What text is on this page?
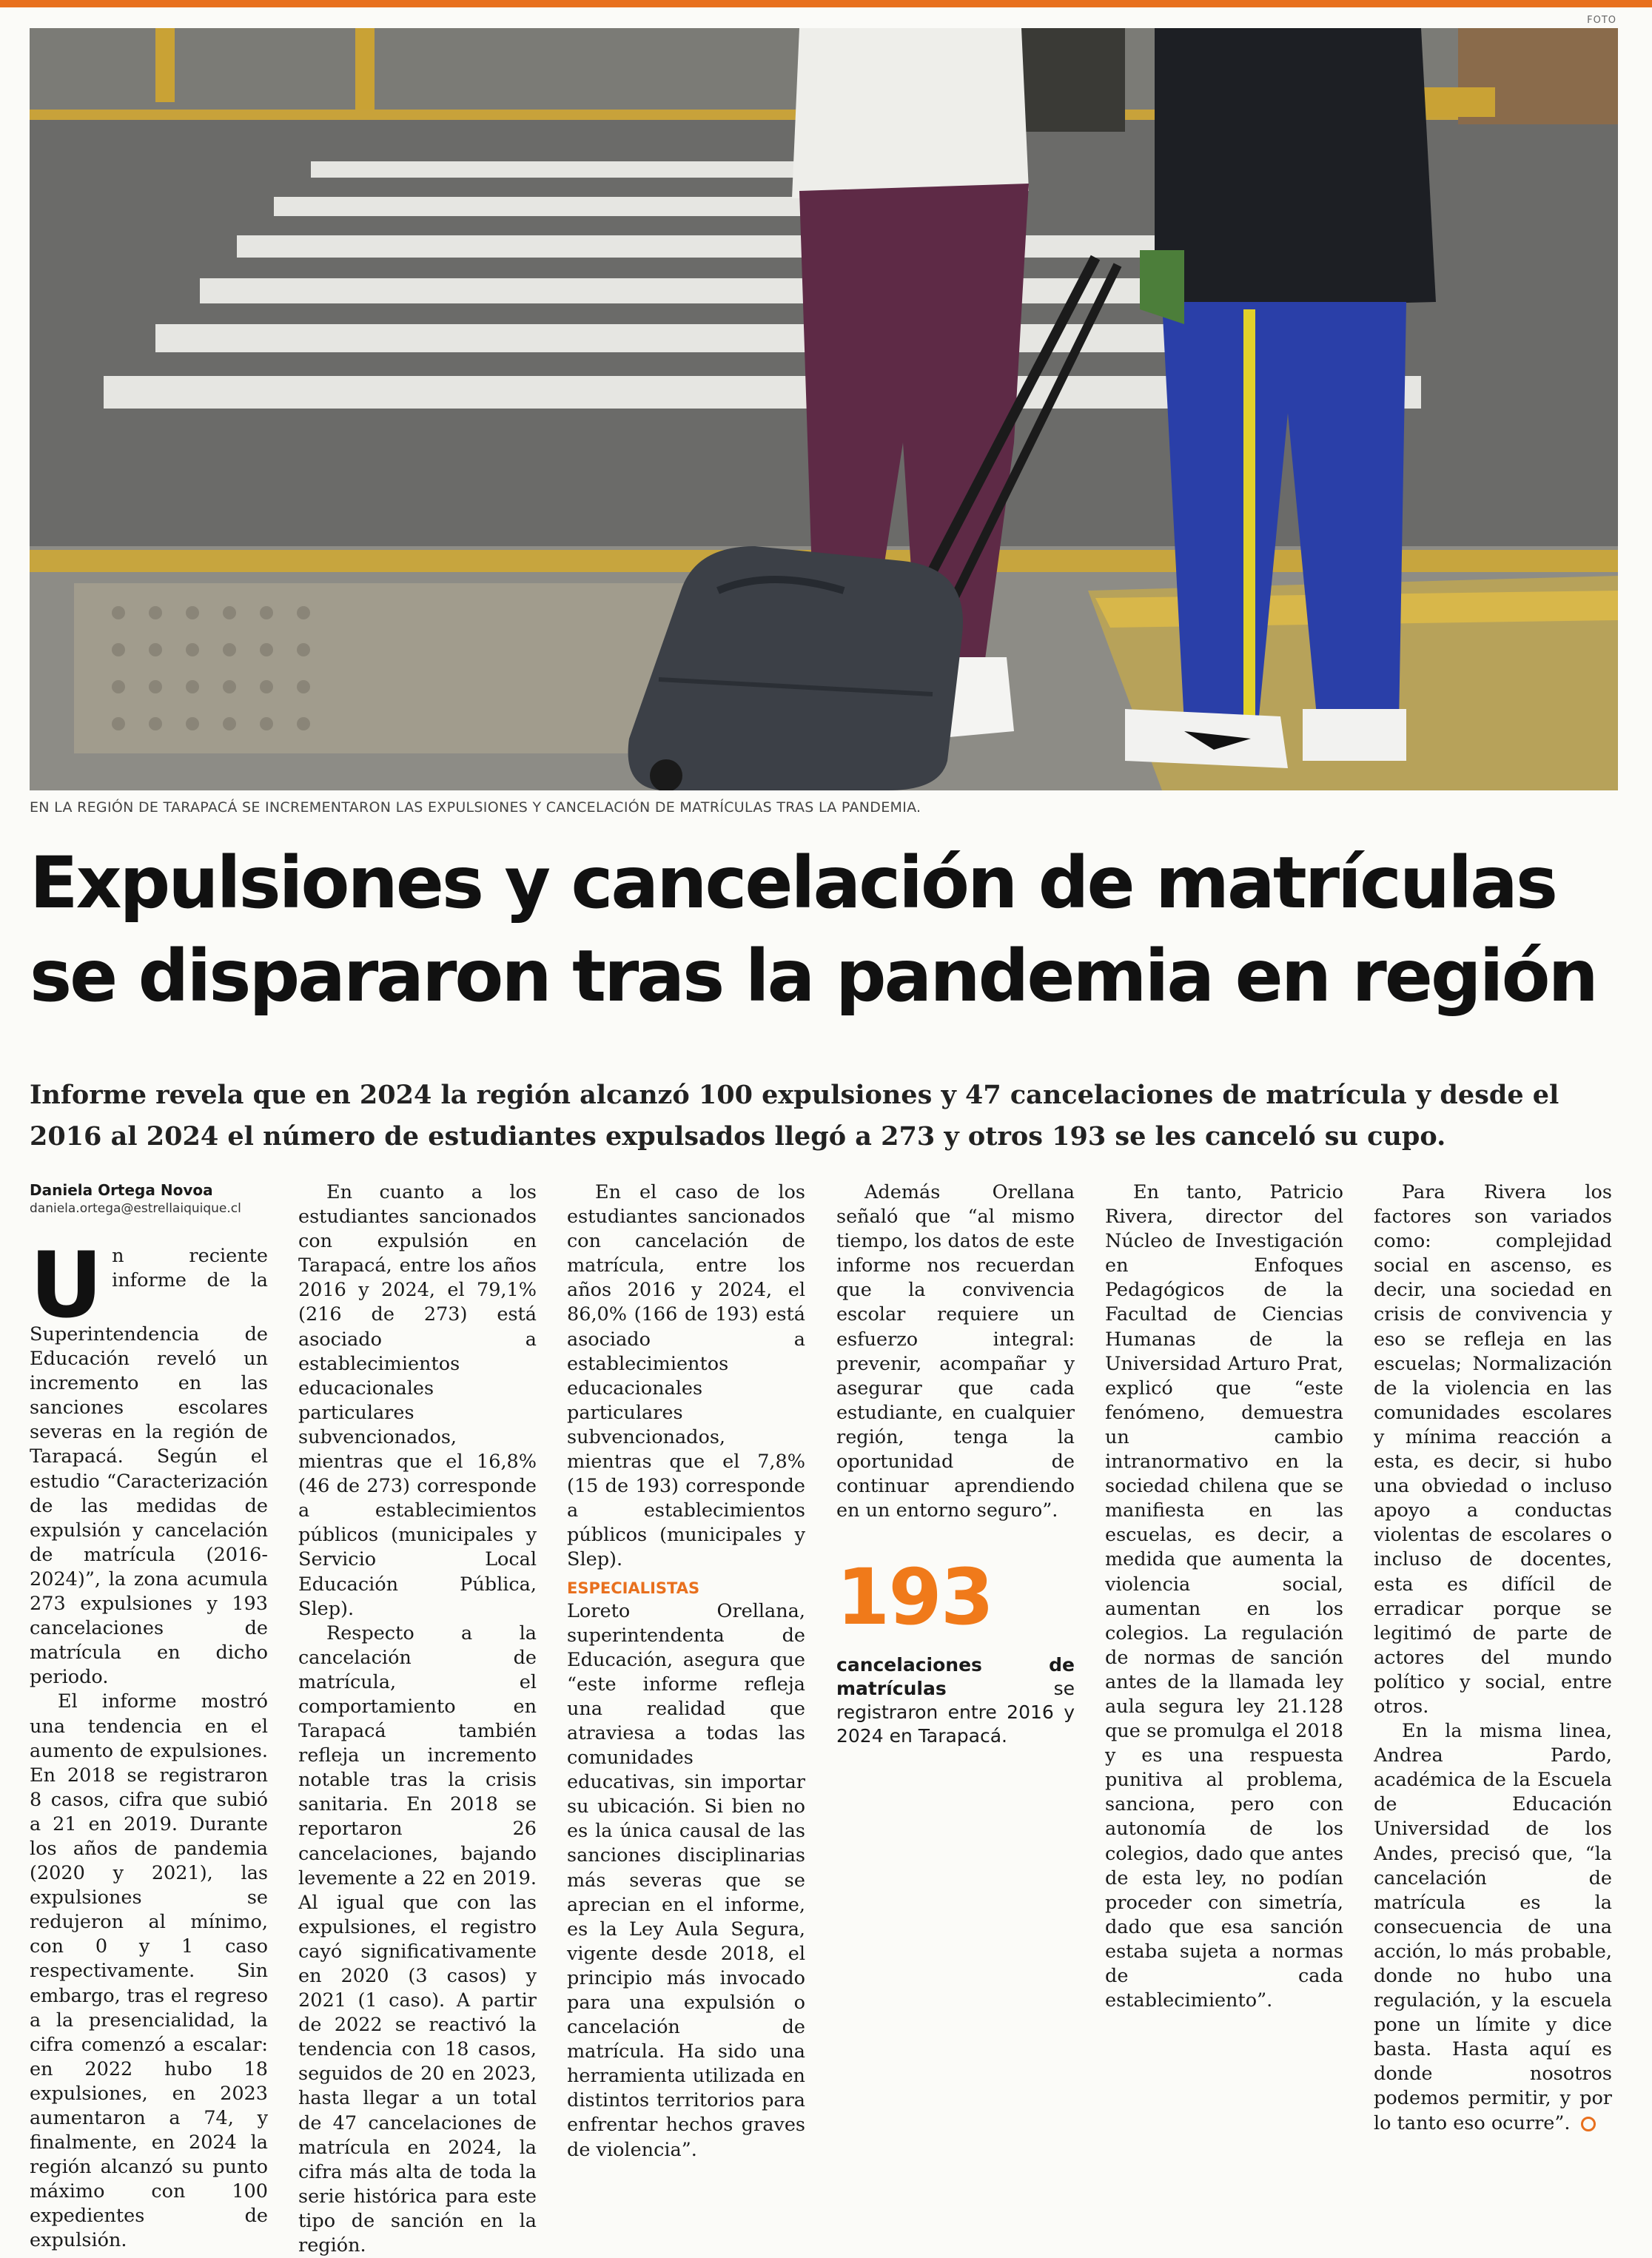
FOTO
EN LA REGIÓN DE TARAPACÁ SE INCREMENTARON LAS EXPULSIONES Y CANCELACIÓN DE MATRÍCULAS TRAS LA PANDEMIA.
Expulsiones y cancelación de matrículas
se dispararon tras la pandemia en región

Informe revela que en 2024 la región alcanzó 100 expulsiones y 47 cancelaciones de matrícula y desde el 2016 al 2024 el número de estudiantes expulsados llegó a 273 y otros 193 se les canceló su cupo.

Daniela Ortega Novoa
daniela.ortega@estrellaiquique.cl

Un reciente informe de la Superintendencia de Educación reveló un incremento en las sanciones escolares severas en la región de Tarapacá. Según el estudio “Caracterización de las medidas de expulsión y cancelación de matrícula (2016-2024)”, la zona acumula 273 expulsiones y 193 cancelaciones de matrícula en dicho periodo.

El informe mostró una tendencia en el aumento de expulsiones. En 2018 se registraron 8 casos, cifra que subió a 21 en 2019. Durante los años de pandemia (2020 y 2021), las expulsiones se redujeron al mínimo, con 0 y 1 caso respectivamente. Sin embargo, tras el regreso a la presencialidad, la cifra comenzó a escalar: en 2022 hubo 18 expulsiones, en 2023 aumentaron a 74, y finalmente, en 2024 la región alcanzó su punto máximo con 100 expedientes de expulsión.

En cuanto a los estudiantes sancionados con expulsión en Tarapacá, entre los años 2016 y 2024, el 79,1% (216 de 273) está asociado a establecimientos educacionales particulares subvencionados, mientras que el 16,8% (46 de 273) corresponde a establecimientos públicos (municipales y Servicio Local Educación Pública, Slep).

Respecto a la cancelación de matrícula, el comportamiento en Tarapacá también refleja un incremento notable tras la crisis sanitaria. En 2018 se reportaron 26 cancelaciones, bajando levemente a 22 en 2019. Al igual que con las expulsiones, el registro cayó significativamente en 2020 (3 casos) y 2021 (1 caso). A partir de 2022 se reactivó la tendencia con 18 casos, seguidos de 20 en 2023, hasta llegar a un total de 47 cancelaciones de matrícula en 2024, la cifra más alta de toda la serie histórica para este tipo de sanción en la región.

En el caso de los estudiantes sancionados con cancelación de matrícula, entre los años 2016 y 2024, el 86,0% (166 de 193) está asociado a establecimientos educacionales particulares subvencionados, mientras que el 7,8% (15 de 193) corresponde a establecimientos públicos (municipales y Slep).

ESPECIALISTAS

Loreto Orellana, superintendenta de Educación, asegura que “este informe refleja una realidad que atraviesa a todas las comunidades educativas, sin importar su ubicación. Si bien no es la única causal de las sanciones disciplinarias más severas que se aprecian en el informe, es la Ley Aula Segura, vigente desde 2018, el principio más invocado para una expulsión o cancelación de matrícula. Ha sido una herramienta utilizada en distintos territorios para enfrentar hechos graves de violencia”.

Además Orellana señaló que “al mismo tiempo, los datos de este informe nos recuerdan que la convivencia escolar requiere un esfuerzo integral: prevenir, acompañar y asegurar que cada estudiante, en cualquier región, tenga la oportunidad de continuar aprendiendo en un entorno seguro”.

193
cancelaciones de matrículas se registraron entre 2016 y 2024 en Tarapacá.

En tanto, Patricio Rivera, director del Núcleo de Investigación en Enfoques Pedagógicos de la Facultad de Ciencias Humanas de la Universidad Arturo Prat, explicó que “este fenómeno, demuestra un cambio intranormativo en la sociedad chilena que se manifiesta en las escuelas, es decir, a medida que aumenta la violencia social, aumentan en los colegios. La regulación de normas de sanción antes de la llamada ley aula segura ley 21.128 que se promulga el 2018 y es una respuesta punitiva al problema, sanciona, pero con autonomía de los colegios, dado que antes de esta ley, no podían proceder con simetría, dado que esa sanción estaba sujeta a normas de cada establecimiento”.

Para Rivera los factores son variados como: complejidad social en ascenso, es decir, una sociedad en crisis de convivencia y eso se refleja en las escuelas; Normalización de la violencia en las comunidades escolares y mínima reacción a esta, es decir, si hubo una obviedad o incluso apoyo a conductas violentas de escolares o incluso de docentes, esta es difícil de erradicar porque se legitimó de parte de actores del mundo político y social, entre otros.

En la misma linea, Andrea Pardo, académica de la Escuela de Educación Universidad de los Andes, precisó que, “la cancelación de matrícula es la consecuencia de una acción, lo más probable, donde no hubo una regulación, y la escuela pone un límite y dice basta. Hasta aquí es donde nosotros podemos permitir, y por lo tanto eso ocurre”.
